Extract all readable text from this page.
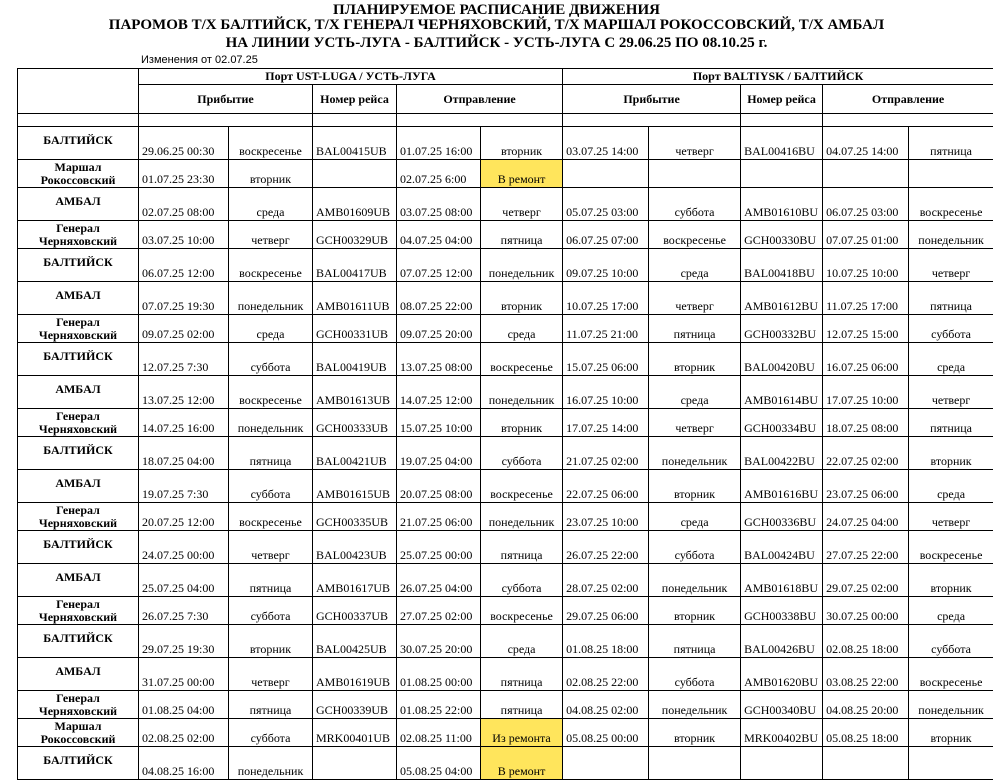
ПЛАНИРУЕМОЕ РАСПИСАНИЕ ДВИЖЕНИЯ
ПАРОМОВ Т/Х БАЛТИЙСК, Т/Х ГЕНЕРАЛ ЧЕРНЯХОВСКИЙ, Т/Х МАРШАЛ РОКОССОВСКИЙ, Т/Х АМБАЛ
НА ЛИНИИ УСТЬ-ЛУГА - БАЛТИЙСК - УСТЬ-ЛУГА С 29.06.25 ПО 08.10.25 г.
Изменения от 02.07.25
	Порт UST-LUGA / УСТЬ-ЛУГА					Порт BALTIYSK / БАЛТИЙСК				
	Прибытие		Номер рейса	Отправление		Прибытие		Номер рейса	Отправление	

БАЛТИЙСК	29.06.25 00:30	воскресенье	BAL00415UB	01.07.25 16:00	вторник	03.07.25 14:00	четверг	BAL00416BU	04.07.25 14:00	пятница

Маршал
Рокоссовский	01.07.25 23:30	вторник		02.07.25 6:00	В ремонт					

АМБАЛ	02.07.25 08:00	среда	AMB01609UB	03.07.25 08:00	четверг	05.07.25 03:00	суббота	AMB01610BU	06.07.25 03:00	воскресенье

Генерал
Черняховский	03.07.25 10:00	четверг	GCH00329UB	04.07.25 04:00	пятница	06.07.25 07:00	воскресенье	GCH00330BU	07.07.25 01:00	понедельник

БАЛТИЙСК	06.07.25 12:00	воскресенье	BAL00417UB	07.07.25 12:00	понедельник	09.07.25 10:00	среда	BAL00418BU	10.07.25 10:00	четверг

АМБАЛ	07.07.25 19:30	понедельник	AMB01611UB	08.07.25 22:00	вторник	10.07.25 17:00	четверг	AMB01612BU	11.07.25 17:00	пятница

Генерал
Черняховский	09.07.25 02:00	среда	GCH00331UB	09.07.25 20:00	среда	11.07.25 21:00	пятница	GCH00332BU	12.07.25 15:00	суббота

БАЛТИЙСК	12.07.25 7:30	суббота	BAL00419UB	13.07.25 08:00	воскресенье	15.07.25 06:00	вторник	BAL00420BU	16.07.25 06:00	среда

АМБАЛ	13.07.25 12:00	воскресенье	AMB01613UB	14.07.25 12:00	понедельник	16.07.25 10:00	среда	AMB01614BU	17.07.25 10:00	четверг

Генерал
Черняховский	14.07.25 16:00	понедельник	GCH00333UB	15.07.25 10:00	вторник	17.07.25 14:00	четверг	GCH00334BU	18.07.25 08:00	пятница

БАЛТИЙСК	18.07.25 04:00	пятница	BAL00421UB	19.07.25 04:00	суббота	21.07.25 02:00	понедельник	BAL00422BU	22.07.25 02:00	вторник

АМБАЛ	19.07.25 7:30	суббота	AMB01615UB	20.07.25 08:00	воскресенье	22.07.25 06:00	вторник	AMB01616BU	23.07.25 06:00	среда

Генерал
Черняховский	20.07.25 12:00	воскресенье	GCH00335UB	21.07.25 06:00	понедельник	23.07.25 10:00	среда	GCH00336BU	24.07.25 04:00	четверг

БАЛТИЙСК	24.07.25 00:00	четверг	BAL00423UB	25.07.25 00:00	пятница	26.07.25 22:00	суббота	BAL00424BU	27.07.25 22:00	воскресенье

АМБАЛ	25.07.25 04:00	пятница	AMB01617UB	26.07.25 04:00	суббота	28.07.25 02:00	понедельник	AMB01618BU	29.07.25 02:00	вторник

Генерал
Черняховский	26.07.25 7:30	суббота	GCH00337UB	27.07.25 02:00	воскресенье	29.07.25 06:00	вторник	GCH00338BU	30.07.25 00:00	среда

БАЛТИЙСК	29.07.25 19:30	вторник	BAL00425UB	30.07.25 20:00	среда	01.08.25 18:00	пятница	BAL00426BU	02.08.25 18:00	суббота

АМБАЛ	31.07.25 00:00	четверг	AMB01619UB	01.08.25 00:00	пятница	02.08.25 22:00	суббота	AMB01620BU	03.08.25 22:00	воскресенье

Генерал
Черняховский	01.08.25 04:00	пятница	GCH00339UB	01.08.25 22:00	пятница	04.08.25 02:00	понедельник	GCH00340BU	04.08.25 20:00	понедельник

Маршал
Рокоссовский	02.08.25 02:00	суббота	MRK00401UB	02.08.25 11:00	Из ремонта	05.08.25 00:00	вторник	MRK00402BU	05.08.25 18:00	вторник

БАЛТИЙСК	04.08.25 16:00	понедельник		05.08.25 04:00	В ремонт					
